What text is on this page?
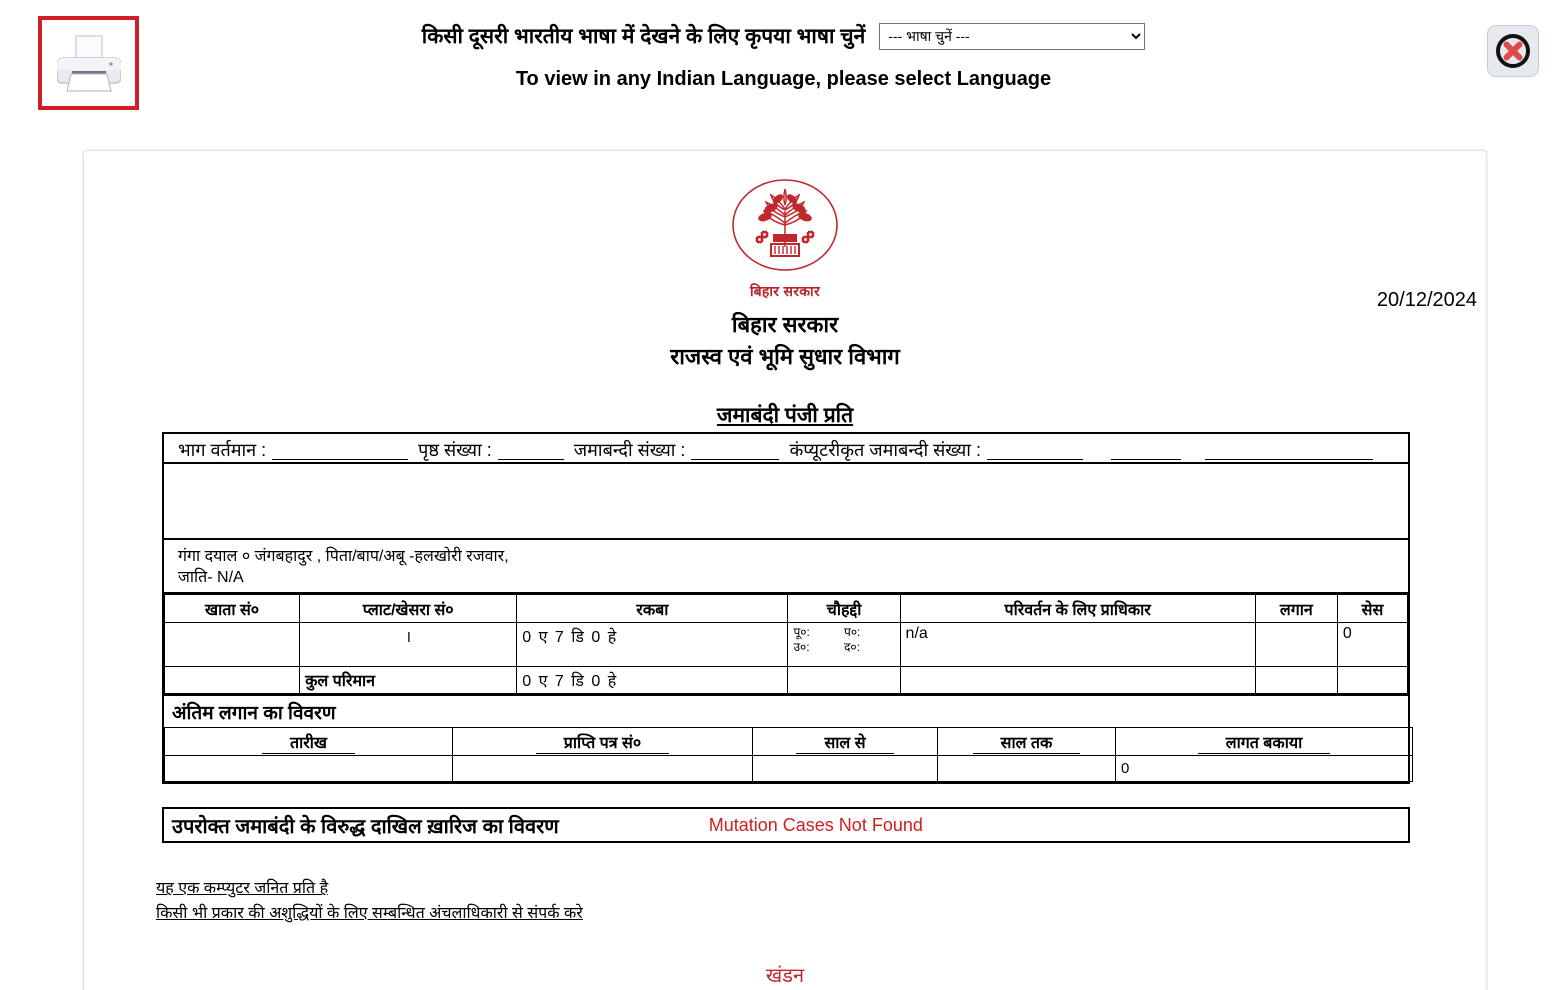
किसी दूसरी भारतीय भाषा में देखने के लिए कृपया भाषा चुनें
--- भाषा चुनें ---
To view in any Indian Language, please select Language
20/12/2024
बिहार सरकार
बिहार सरकार
राजस्व एवं भूमि सुधार विभाग
जमाबंदी पंजी प्रति
भाग वर्तमान :	पृष्ठ संख्या :	जमाबन्दी संख्या :	कंप्यूटरीकृत जमाबन्दी संख्या :
गंगा दयाल ० जंगबहादुर , पिता/बाप/अबू -हलखोरी रजवार,
जाति- N/A
खाता सं०	प्लाट/खेसरा सं०	रकबा	चौहद्दी	परिवर्तन के लिए प्राधिकार	लगान	सेस
	।	0 ए 7 डि 0 हे	पू०: प०:
उ०: द०:	n/a		0
	कुल परिमान	0 ए 7 डि 0 हे				
अंतिम लगान का विवरण
तारीख	प्राप्ति पत्र सं०	साल से	साल तक	लागत बकाया
				0
उपरोक्त जमाबंदी के विरुद्ध दाखिल ख़ारिज का विवरण	Mutation Cases Not Found
यह एक कम्प्युटर जनित प्रति है
किसी भी प्रकार की अशुद्धियों के लिए सम्बन्धित अंचलाधिकारी से संपर्क करे
खंडन
